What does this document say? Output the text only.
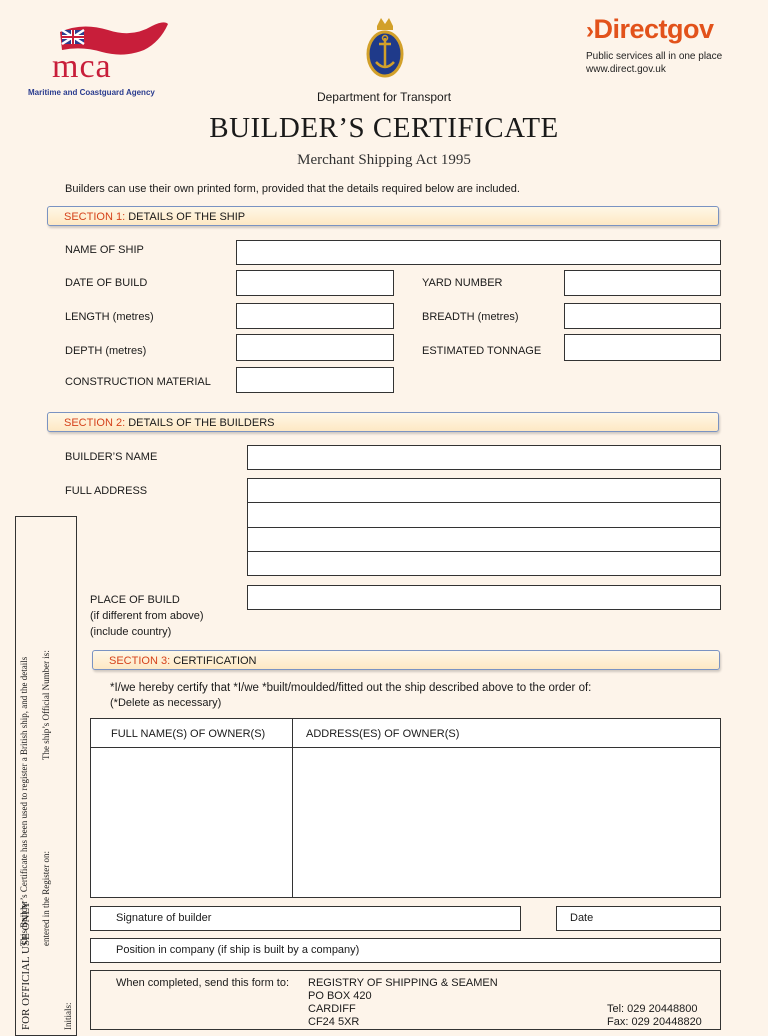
mca
Maritime and Coastguard Agency
›Directgov
Public services all in one place
www.direct.gov.uk
Department for Transport
BUILDER’S CERTIFICATE
Merchant Shipping Act 1995
Builders can use their own printed form, provided that the details required below are included.
SECTION 1: DETAILS OF THE SHIP
NAME OF SHIP
DATE OF BUILD	YARD NUMBER
LENGTH (metres)	BREADTH (metres)
DEPTH (metres)	ESTIMATED TONNAGE
CONSTRUCTION MATERIAL
SECTION 2: DETAILS OF THE BUILDERS
BUILDER’S NAME
FULL ADDRESS
PLACE OF BUILD
(if different from above)
(include country)
FOR OFFICIAL USE ONLY
This Builder’s Certificate has been used to register a British ship, and the details entered in the Register on:
The ship’s Official Number is:
Initials:
SECTION 3: CERTIFICATION
*I/we hereby certify that *I/we *built/moulded/fitted out the ship described above to the order of:
(*Delete as necessary)
FULL NAME(S) OF OWNER(S)	ADDRESS(ES) OF OWNER(S)
Signature of builder	Date
Position in company (if ship is built by a company)
When completed, send this form to: REGISTRY OF SHIPPING & SEAMEN
PO BOX 420
CARDIFF
CF24 5XR
Tel: 029 20448800
Fax: 029 20448820
